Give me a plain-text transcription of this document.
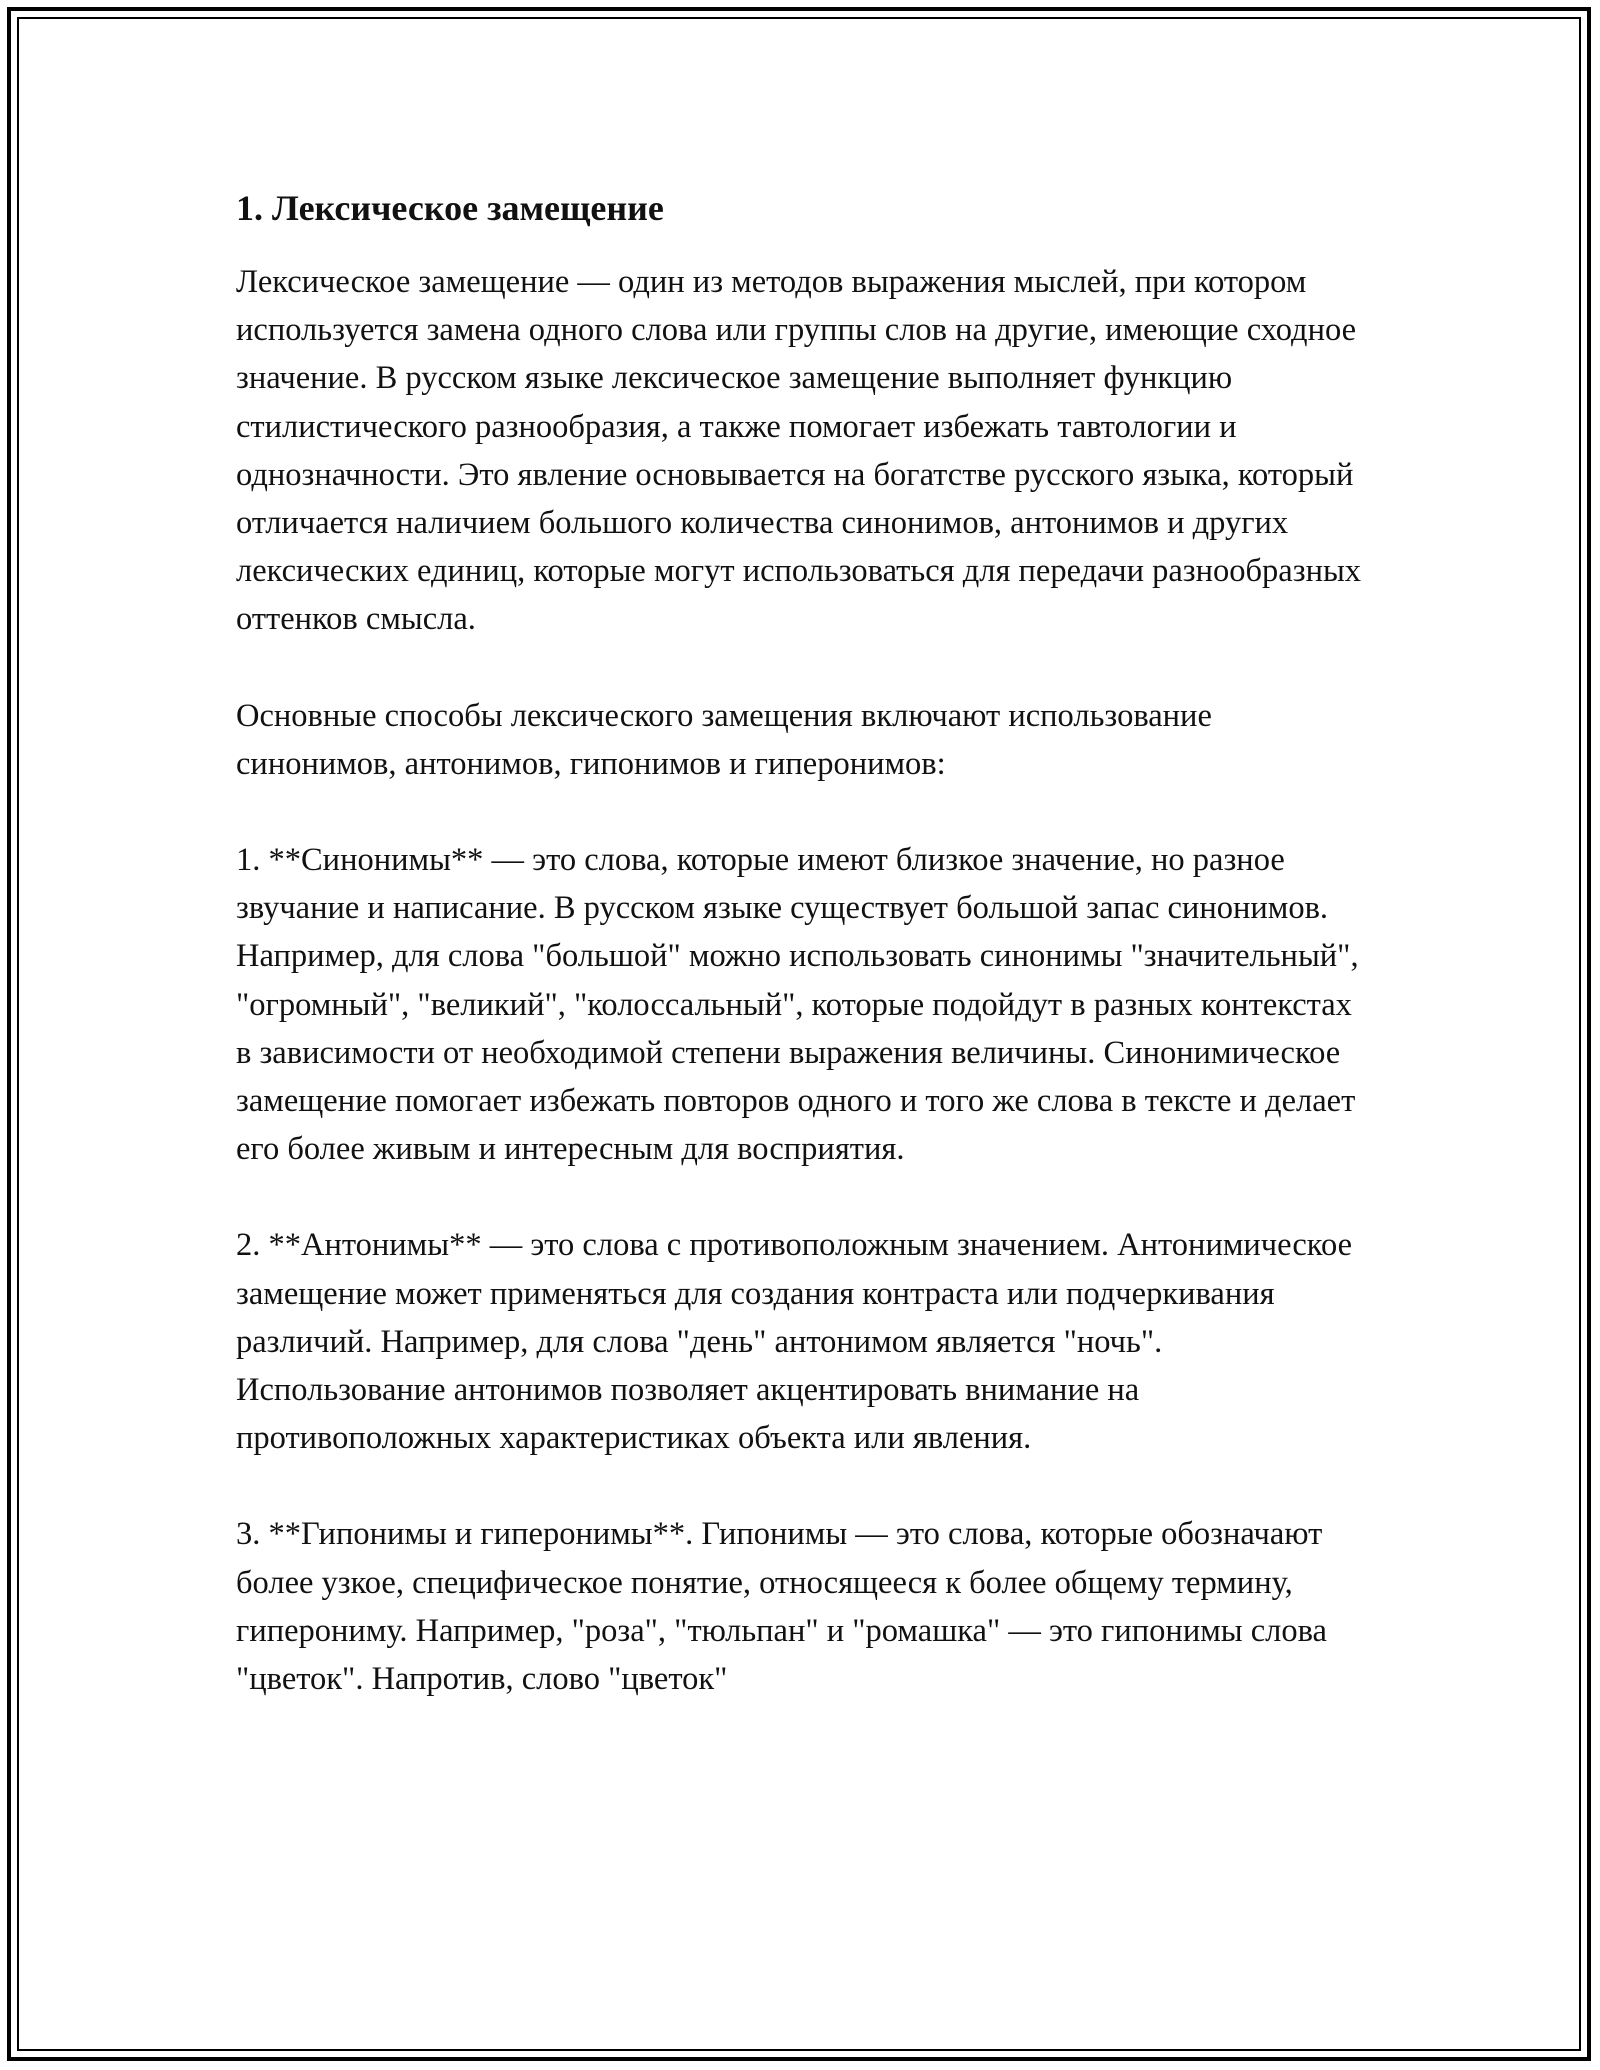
1. Лексическое замещение

Лексическое замещение — один из методов выражения мыслей, при котором используется замена одного слова или группы слов на другие, имеющие сходное значение. В русском языке лексическое замещение выполняет функцию стилистического разнообразия, а также помогает избежать тавтологии и однозначности. Это явление основывается на богатстве русского языка, который отличается наличием большого количества синонимов, антонимов и других лексических единиц, которые могут использоваться для передачи разнообразных оттенков смысла.

Основные способы лексического замещения включают использование синонимов, антонимов, гипонимов и гиперонимов:

1. **Синонимы** — это слова, которые имеют близкое значение, но разное звучание и написание. В русском языке существует большой запас синонимов. Например, для слова "большой" можно использовать синонимы "значительный", "огромный", "великий", "колоссальный", которые подойдут в разных контекстах в зависимости от необходимой степени выражения величины. Синонимическое замещение помогает избежать повторов одного и того же слова в тексте и делает его более живым и интересным для восприятия.

2. **Антонимы** — это слова с противоположным значением. Антонимическое замещение может применяться для создания контраста или подчеркивания различий. Например, для слова "день" антонимом является "ночь". Использование антонимов позволяет акцентировать внимание на противоположных характеристиках объекта или явления.

3. **Гипонимы и гиперонимы**. Гипонимы — это слова, которые обозначают более узкое, специфическое понятие, относящееся к более общему термину, гиперониму. Например, "роза", "тюльпан" и "ромашка" — это гипонимы слова "цветок". Напротив, слово "цветок"
